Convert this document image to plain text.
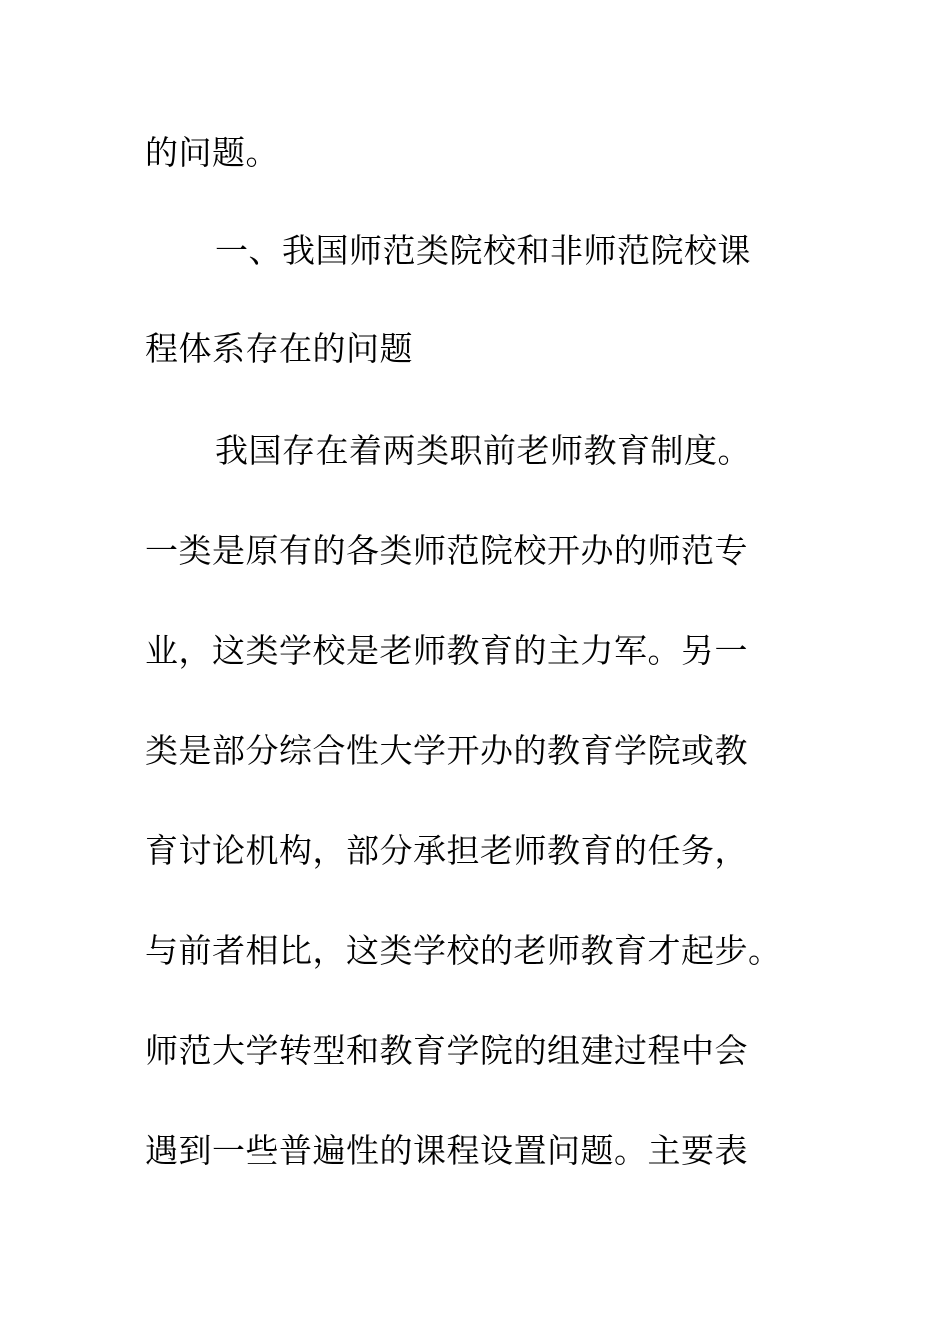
的问题。
一、我国师范类院校和非师范院校课
程体系存在的问题
我国存在着两类职前老师教育制度。
一类是原有的各类师范院校开办的师范专
业，这类学校是老师教育的主力军。另一
类是部分综合性大学开办的教育学院或教
育讨论机构，部分承担老师教育的任务，
与前者相比，这类学校的老师教育才起步。
师范大学转型和教育学院的组建过程中会
遇到一些普遍性的课程设置问题。主要表
